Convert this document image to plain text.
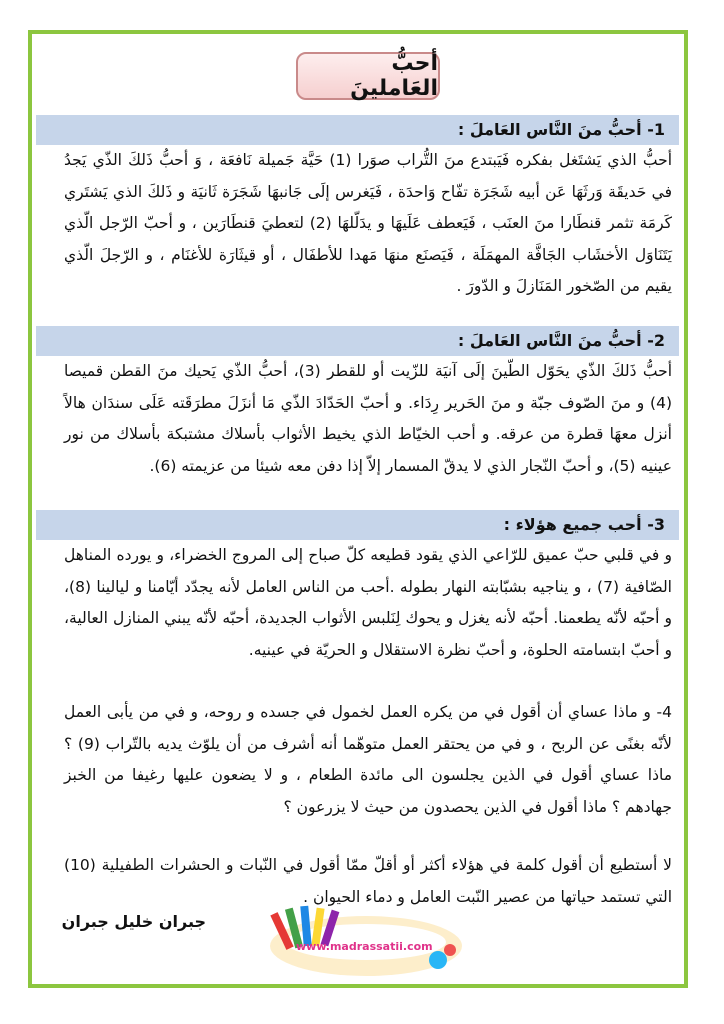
أحبُّ العَاملينَ
1- أحبُّ منَ النَّاس العَاملَ :
أحبُّ الذي يَشتَغل بفكره فَيَبتدع منَ التُّراب صوَرا (1) حَيَّة جَميلة نَافعَة ، وَ أحبُّ ذَلكَ الذّي يَجدُ في حَديقَة وَرثَهَا عَن أبيه شَجَرَة تفّاح وَاحدَة ، فَيَغرس إلَى جَانبهَا شَجَرَة ثَانيَة و ذَلكَ الذي يَشتَري كَرمَة تثمر قنطَارا منَ العنَب ، فَيَعطف عَلَيهَا و يدَلّلهَا (2) لتعطيَ قنطَارَين ، و أحبّ الرّجل الّذي يَتَنَاوَل الأخشَاب الجَافَّة المهمَلَة ، فَيَصنَع منهَا مَهدا للأطفَال ، أو قيثَارَة للأغنَام ، و الرّجلَ الّذي يقيم من الصّخور المَنَازلَ و الدّورَ .
2- أحبُّ منَ النَّاس العَاملَ :
أحبُّ ذَلكَ الذّي يحَوّل الطّينَ إلَى آنيَة للزّيت أو للقطر (3)، أحبُّ الذّي يَحيك منَ القطن قميصا (4) و منَ الصّوف جبّة و منَ الحَرير رِدَاء. و أحبّ الحَدّادَ الذّي مَا أنزَلَ مطرَقَته عَلَى سندَان هالاً أنزل معهَا قطرة من عرقه. و أحب الخيّاط الذي يخيط الأثواب بأسلاك مشتبكة بأسلاك من نور عينيه (5)، و أحبّ النّجار الذي لا يدقّ المسمار إلاّ إذا دفن معه شيئا من عزيمته (6).
3- أحب جميع هؤلاء :
و في قلبي حبّ عميق للرّاعي الذي يقود قطيعه كلّ صباح إلى المروج الخضراء، و يورده المناهل الصّافية (7) ، و يناجيه بشبّابته النهار بطوله .أحب من الناس العامل لأنه يجدّد أيّامنا و ليالينا (8)، و أحبّه لأنّه يطعمنا. أحبّه لأنه يغزل و يحوك لِنَلبس الأثواب الجديدة، أحبّه لأنّه يبني المنازل العالية، و أحبّ ابتسامته الحلوة، و أحبّ نظرة الاستقلال و الحريّة في عينيه.
4- و ماذا عساي أن أقول في من يكره العمل لخمول في جسده و روحه، و في من يأبى العمل لأنّه بغنًى عن الربح ، و في من يحتقر العمل متوهّما أنه أشرف من أن يلوّث يديه بالتّراب (9) ؟ ماذا عساي أقول في الذين يجلسون الى مائدة الطعام ، و لا يضعون عليها رغيفا من الخبز جهادهم ؟ ماذا أقول في الذين يحصدون من حيث لا يزرعون ؟
لا أستطيع أن أقول كلمة في هؤلاء أكثر أو أقلّ ممّا أقول في النّبات و الحشرات الطفيلية (10) التي تستمد حياتها من عصير النّبت العامل و دماء الحيوان .
جبران خليل جبران
www.madrassatii.com
